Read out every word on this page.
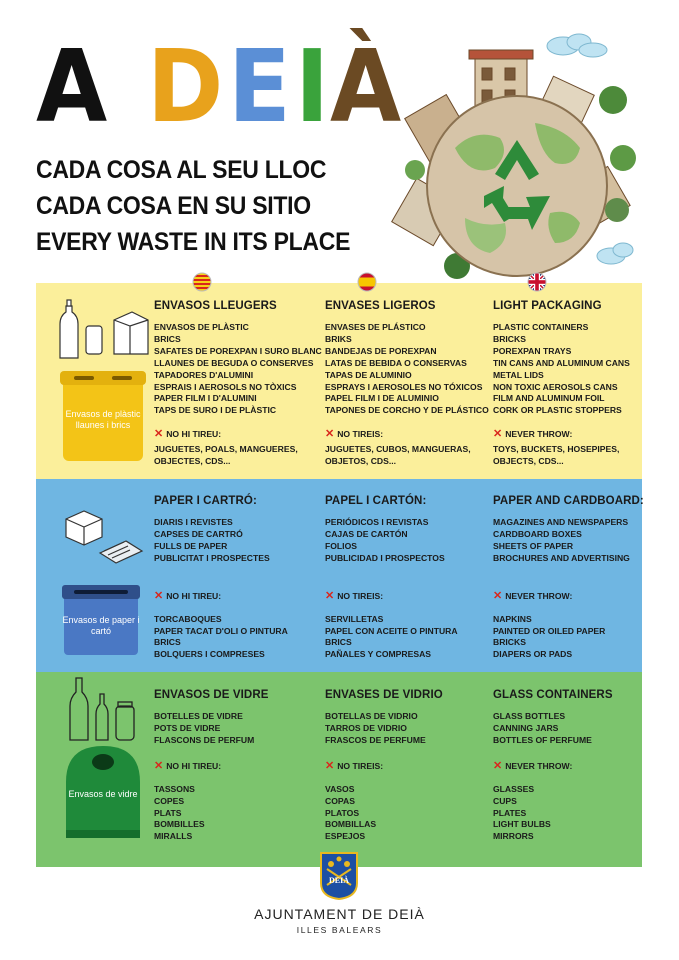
A D E I À
CADA COSA AL SEU LLOC
CADA COSA EN SU SITIO
EVERY WASTE IN ITS PLACE
Envasos de plàstic llaunes i brics
Envasos de paper i cartó
Envasos de vidre
ENVASOS LLEUGERS
ENVASOS DE PLÀSTIC
BRICS
SAFATES DE POREXPAN I SURO BLANC
LLAUNES DE BEGUDA O CONSERVES
TAPADORES D'ALUMINI
ESPRAIS I AEROSOLS NO TÒXICS
PAPER FILM I D'ALUMINI
TAPS DE SURO I DE PLÀSTIC
✕ NO HI TIREU:
JUGUETES, POALS, MANGUERES,
OBJECTES, CDS...
ENVASES LIGEROS
ENVASES DE PLÁSTICO
BRIKS
BANDEJAS DE POREXPAN
LATAS DE BEBIDA O CONSERVAS
TAPAS DE ALUMINIO
ESPRAYS I AEROSOLES NO TÓXICOS
PAPEL FILM I DE ALUMINIO
TAPONES DE CORCHO Y DE PLÁSTICO
✕ NO TIREIS:
JUGUETES, CUBOS, MANGUERAS,
OBJETOS, CDS...
LIGHT PACKAGING
PLASTIC CONTAINERS
BRICKS
POREXPAN TRAYS
TIN CANS AND ALUMINUM CANS
METAL LIDS
NON TOXIC AEROSOLS CANS
FILM AND ALUMINUM FOIL
CORK OR PLASTIC STOPPERS
✕ NEVER THROW:
TOYS, BUCKETS, HOSEPIPES,
OBJECTS, CDS...
PAPER I CARTRÓ:
DIARIS I REVISTES
CAPSES DE CARTRÓ
FULLS DE PAPER
PUBLICITAT I PROSPECTES
✕ NO HI TIREU:
TORCABOQUES
PAPER TACAT D'OLI O PINTURA
BRICS
BOLQUERS I COMPRESES
PAPEL I CARTÓN:
PERIÓDICOS I REVISTAS
CAJAS DE CARTÓN
FOLIOS
PUBLICIDAD I PROSPECTOS
✕ NO TIREIS:
SERVILLETAS
PAPEL CON ACEITE O PINTURA
BRICS
PAÑALES Y COMPRESAS
PAPER AND CARDBOARD:
MAGAZINES AND NEWSPAPERS
CARDBOARD BOXES
SHEETS OF PAPER
BROCHURES AND ADVERTISING
✕ NEVER THROW:
NAPKINS
PAINTED OR OILED PAPER
BRICKS
DIAPERS OR PADS
ENVASOS DE VIDRE
BOTELLES DE VIDRE
POTS DE VIDRE
FLASCONS DE PERFUM
✕ NO HI TIREU:
TASSONS
COPES
PLATS
BOMBILLES
MIRALLS
ENVASES DE VIDRIO
BOTELLAS DE VIDRIO
TARROS DE VIDRIO
FRASCOS DE PERFUME
✕ NO TIREIS:
VASOS
COPAS
PLATOS
BOMBILLAS
ESPEJOS
GLASS CONTAINERS
GLASS BOTTLES
CANNING JARS
BOTTLES OF PERFUME
✕ NEVER THROW:
GLASSES
CUPS
PLATES
LIGHT BULBS
MIRRORS
DEIÀ
AJUNTAMENT DE DEIÀ
ILLES BALEARS
